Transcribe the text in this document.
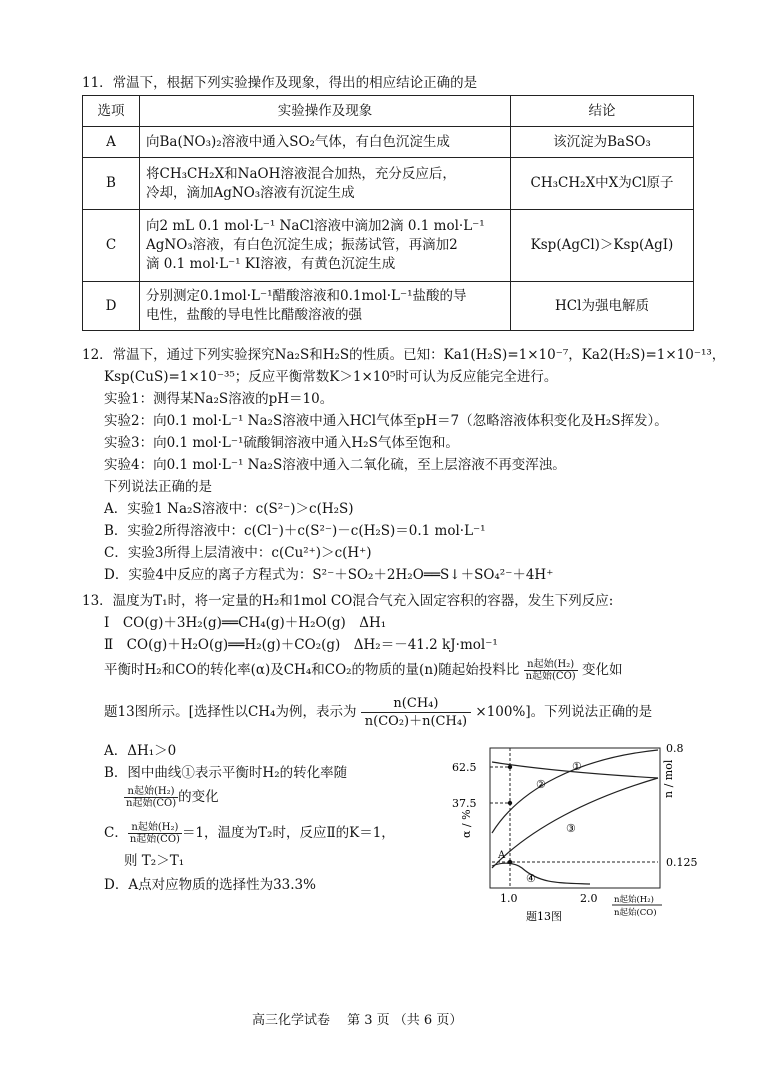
11．常温下，根据下列实验操作及现象，得出的相应结论正确的是
选项	实验操作及现象	结论
A	向Ba(NO₃)₂溶液中通入SO₂气体，有白色沉淀生成	该沉淀为BaSO₃
B	将CH₃CH₂X和NaOH溶液混合加热，充分反应后，
冷却，滴加AgNO₃溶液有沉淀生成	CH₃CH₂X中X为Cl原子
C	向2 mL 0.1 mol·L⁻¹ NaCl溶液中滴加2滴 0.1 mol·L⁻¹
AgNO₃溶液，有白色沉淀生成；振荡试管，再滴加2
滴 0.1 mol·L⁻¹ KI溶液，有黄色沉淀生成	Ksp(AgCl)＞Ksp(AgI)
D	分别测定0.1mol·L⁻¹醋酸溶液和0.1mol·L⁻¹盐酸的导
电性，盐酸的导电性比醋酸溶液的强	HCl为强电解质
12．常温下，通过下列实验探究Na₂S和H₂S的性质。已知：Ka1(H₂S)=1×10⁻⁷，Ka2(H₂S)=1×10⁻¹³，
Ksp(CuS)=1×10⁻³⁵；反应平衡常数K＞1×10⁵时可认为反应能完全进行。
实验1：测得某Na₂S溶液的pH＝10。
实验2：向0.1 mol·L⁻¹ Na₂S溶液中通入HCl气体至pH＝7（忽略溶液体积变化及H₂S挥发）。
实验3：向0.1 mol·L⁻¹硫酸铜溶液中通入H₂S气体至饱和。
实验4：向0.1 mol·L⁻¹ Na₂S溶液中通入二氧化硫，至上层溶液不再变浑浊。
下列说法正确的是
A．实验1 Na₂S溶液中：c(S²⁻)＞c(H₂S)
B．实验2所得溶液中：c(Cl⁻)＋c(S²⁻)－c(H₂S)＝0.1 mol·L⁻¹
C．实验3所得上层清液中：c(Cu²⁺)＞c(H⁺)
D．实验4中反应的离子方程式为：S²⁻＋SO₂＋2H₂O══S↓＋SO₄²⁻＋4H⁺
13．温度为T₁时，将一定量的H₂和1mol CO混合气充入固定容积的容器，发生下列反应:
Ⅰ　CO(g)＋3H₂(g)══CH₄(g)＋H₂O(g)　ΔH₁
Ⅱ　CO(g)＋H₂O(g)══H₂(g)＋CO₂(g)　ΔH₂＝－41.2 kJ·mol⁻¹
平衡时H₂和CO的转化率(α)及CH₄和CO₂的物质的量(n)随起始投料比 $\frac{\text{n起始(H₂)}}{\text{n起始(CO)}}$ 变化如
题13图所示。[选择性以CH₄为例，表示为 $\frac{\text{n(CH₄)}}{\text{n(CO₂)＋n(CH₄)}} \times 100\%$]。下列说法正确的是
A．ΔH₁＞0
B．图中曲线①表示平衡时H₂的转化率随
$\frac{\text{n起始(H₂)}}{\text{n起始(CO)}}$ 的变化
C． $\frac{\text{n起始(H₂)}}{\text{n起始(CO)}} =1$，温度为T₂时，反应Ⅱ的K＝1，
则 T₂＞T₁
D．A点对应物质的选择性为33.3%
①
②
③
④
A
62.5
37.5
α / %
0.8
0.125
n / mol
1.0	2.0 n起始(H₂)
n起始(CO)
题13图
高三化学试卷　 第 3 页 （共 6 页）
